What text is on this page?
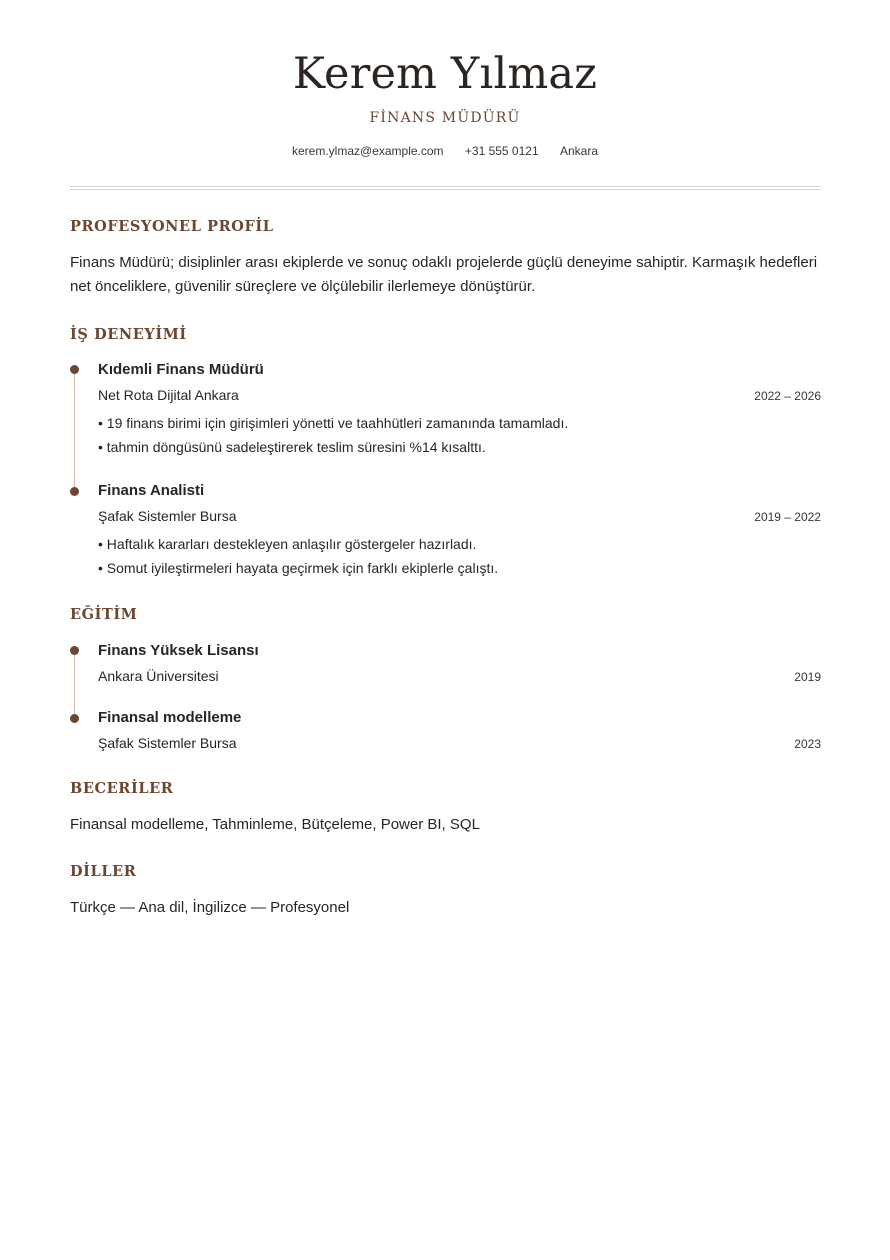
Kerem Yılmaz
FİNANS MÜDÜRÜ
kerem.ylmaz@example.com +31 555 0121 Ankara
PROFESYONEL PROFİL
Finans Müdürü; disiplinler arası ekiplerde ve sonuç odaklı projelerde güçlü deneyime sahiptir. Karmaşık hedefleri net önceliklere, güvenilir süreçlere ve ölçülebilir ilerlemeye dönüştürür.
İŞ DENEYİMİ
Kıdemli Finans Müdürü
Net Rota Dijital Ankara	2022 – 2026
• 19 finans birimi için girişimleri yönetti ve taahhütleri zamanında tamamladı.
• tahmin döngüsünü sadeleştirerek teslim süresini %14 kısalttı.
Finans Analisti
Şafak Sistemler Bursa	2019 – 2022
• Haftalık kararları destekleyen anlaşılır göstergeler hazırladı.
• Somut iyileştirmeleri hayata geçirmek için farklı ekiplerle çalıştı.
EĞİTİM
Finans Yüksek Lisansı
Ankara Üniversitesi	2019
Finansal modelleme
Şafak Sistemler Bursa	2023
BECERİLER
Finansal modelleme, Tahminleme, Bütçeleme, Power BI, SQL
DİLLER
Türkçe — Ana dil, İngilizce — Profesyonel
